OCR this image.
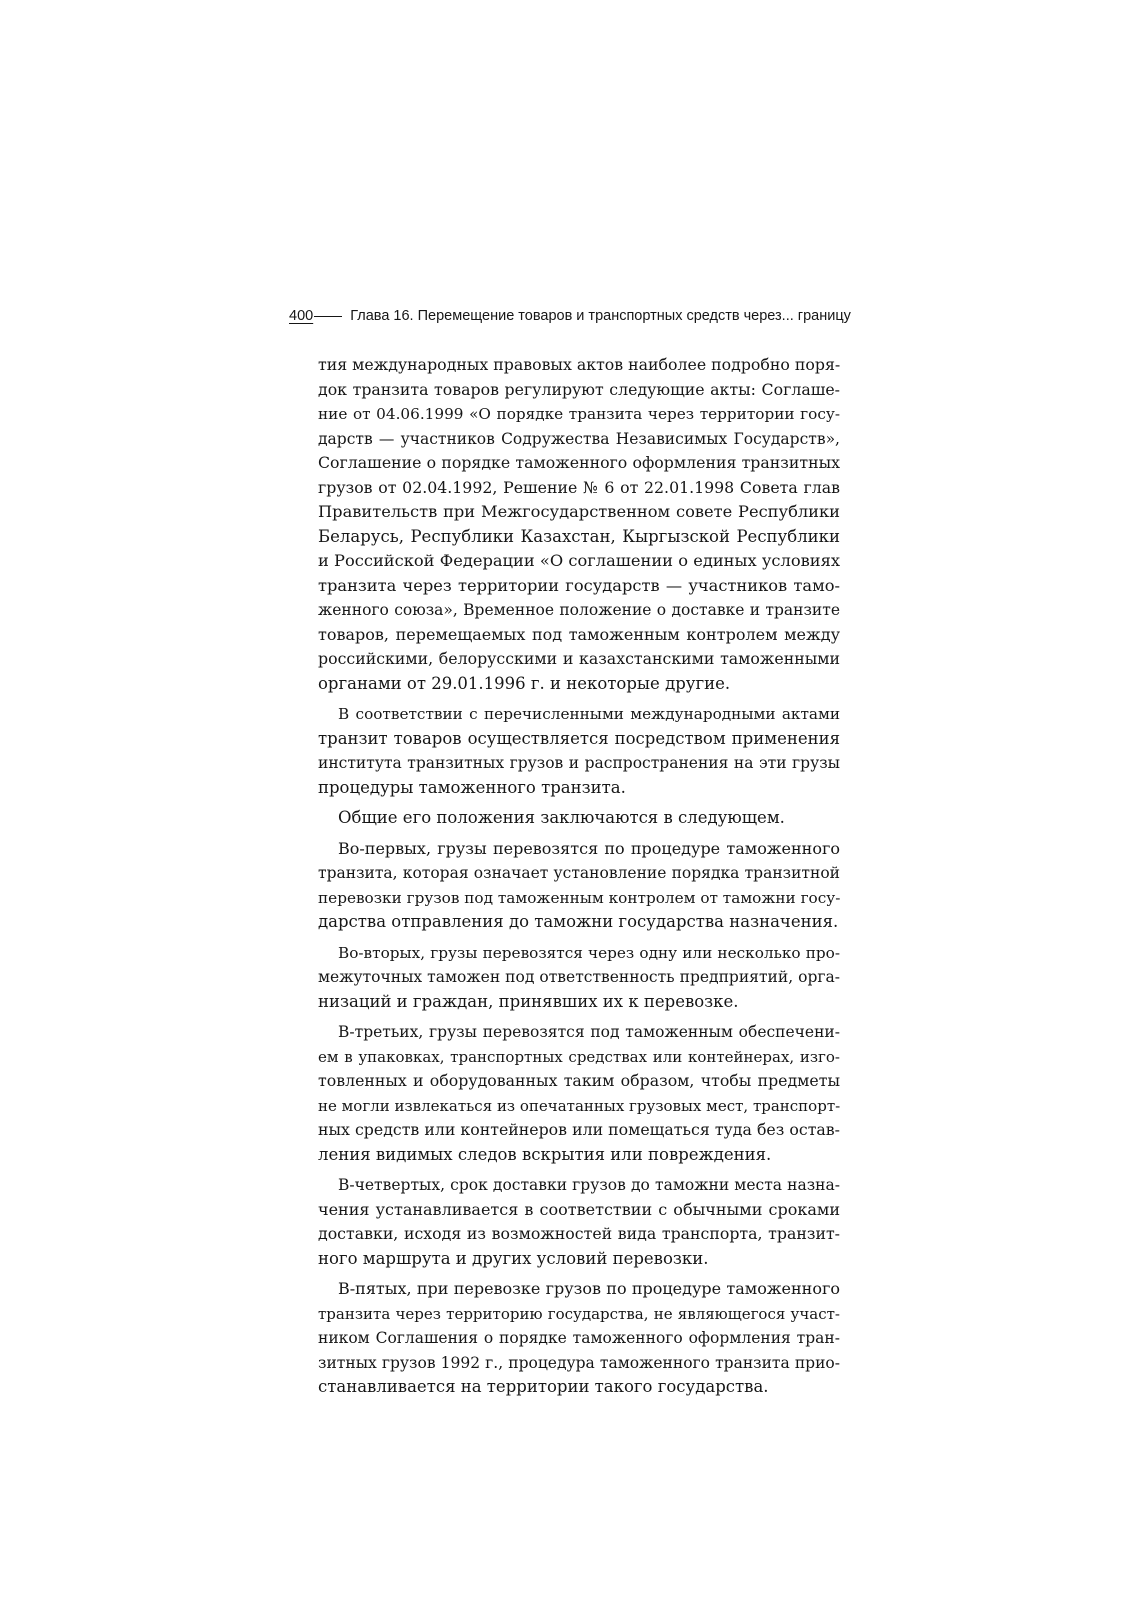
400	Глава 16. Перемещение товаров и транспортных средств через... границу
тия международных правовых актов наиболее подробно поря-
док транзита товаров регулируют следующие акты: Соглаше-
ние от 04.06.1999 «О порядке транзита через территории госу-
дарств — участников Содружества Независимых Государств»,
Соглашение о порядке таможенного оформления транзитных
грузов от 02.04.1992, Решение № 6 от 22.01.1998 Совета глав
Правительств при Межгосударственном совете Республики
Беларусь, Республики Казахстан, Кыргызской Республики
и Российской Федерации «О соглашении о единых условиях
транзита через территории государств — участников тамо-
женного союза», Временное положение о доставке и транзите
товаров, перемещаемых под таможенным контролем между
российскими, белорусскими и казахстанскими таможенными
органами от 29.01.1996 г. и некоторые другие.
В соответствии с перечисленными международными актами
транзит товаров осуществляется посредством применения
института транзитных грузов и распространения на эти грузы
процедуры таможенного транзита.
Общие его положения заключаются в следующем.
Во-первых, грузы перевозятся по процедуре таможенного
транзита, которая означает установление порядка транзитной
перевозки грузов под таможенным контролем от таможни госу-
дарства отправления до таможни государства назначения.
Во-вторых, грузы перевозятся через одну или несколько про-
межуточных таможен под ответственность предприятий, орга-
низаций и граждан, принявших их к перевозке.
В-третьих, грузы перевозятся под таможенным обеспечени-
ем в упаковках, транспортных средствах или контейнерах, изго-
товленных и оборудованных таким образом, чтобы предметы
не могли извлекаться из опечатанных грузовых мест, транспорт-
ных средств или контейнеров или помещаться туда без остав-
ления видимых следов вскрытия или повреждения.
В-четвертых, срок доставки грузов до таможни места назна-
чения устанавливается в соответствии с обычными сроками
доставки, исходя из возможностей вида транспорта, транзит-
ного маршрута и других условий перевозки.
В-пятых, при перевозке грузов по процедуре таможенного
транзита через территорию государства, не являющегося участ-
ником Соглашения о порядке таможенного оформления тран-
зитных грузов 1992 г., процедура таможенного транзита прио-
станавливается на территории такого государства.
